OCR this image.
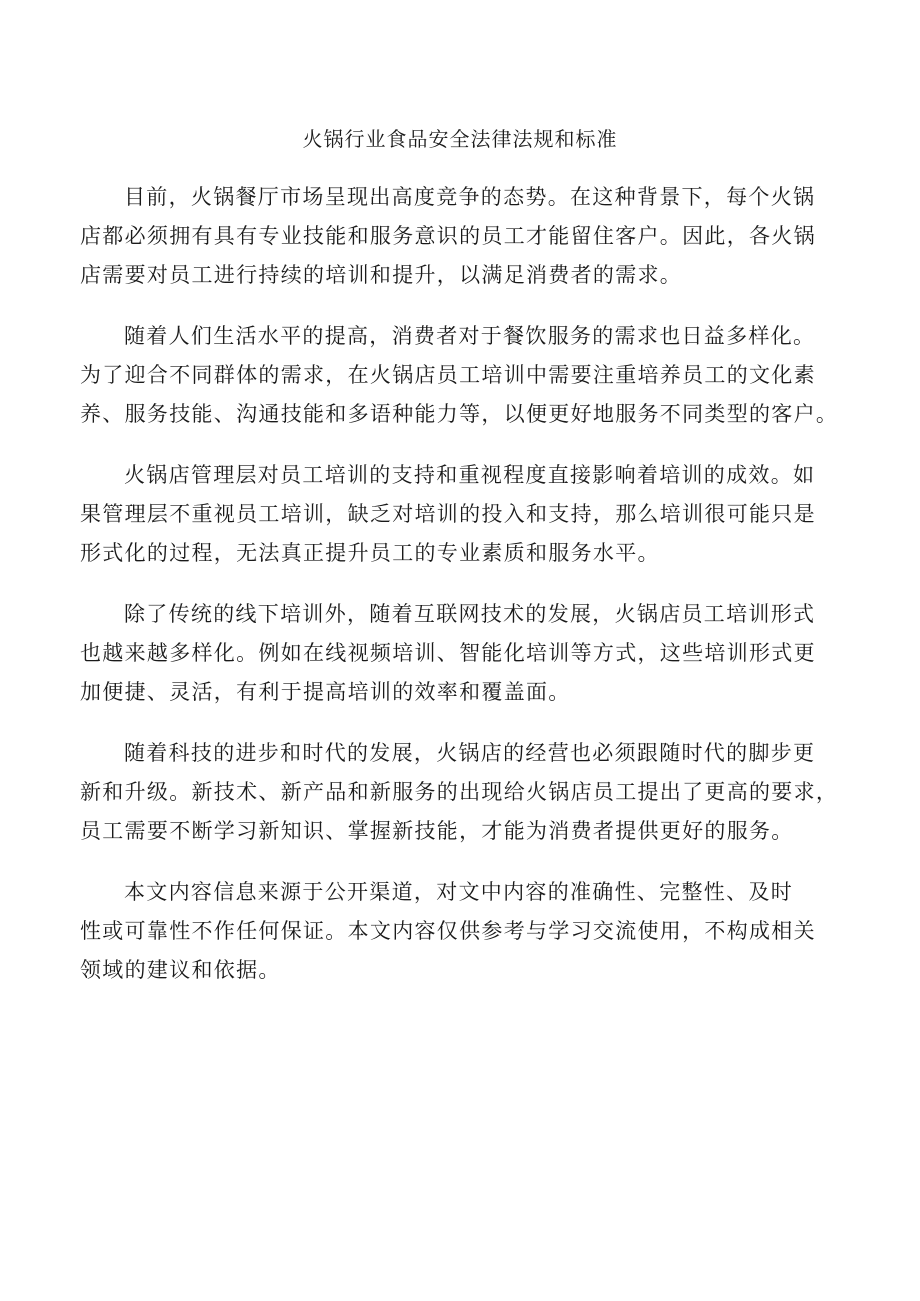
火锅行业食品安全法律法规和标准

目前，火锅餐厅市场呈现出高度竞争的态势。在这种背景下，每个火锅
店都必须拥有具有专业技能和服务意识的员工才能留住客户。因此，各火锅
店需要对员工进行持续的培训和提升，以满足消费者的需求。

随着人们生活水平的提高，消费者对于餐饮服务的需求也日益多样化。
为了迎合不同群体的需求，在火锅店员工培训中需要注重培养员工的文化素
养、服务技能、沟通技能和多语种能力等，以便更好地服务不同类型的客户。

火锅店管理层对员工培训的支持和重视程度直接影响着培训的成效。如
果管理层不重视员工培训，缺乏对培训的投入和支持，那么培训很可能只是
形式化的过程，无法真正提升员工的专业素质和服务水平。

除了传统的线下培训外，随着互联网技术的发展，火锅店员工培训形式
也越来越多样化。例如在线视频培训、智能化培训等方式，这些培训形式更
加便捷、灵活，有利于提高培训的效率和覆盖面。

随着科技的进步和时代的发展，火锅店的经营也必须跟随时代的脚步更
新和升级。新技术、新产品和新服务的出现给火锅店员工提出了更高的要求，
员工需要不断学习新知识、掌握新技能，才能为消费者提供更好的服务。

本文内容信息来源于公开渠道，对文中内容的准确性、完整性、及时
性或可靠性不作任何保证。本文内容仅供参考与学习交流使用，不构成相关
领域的建议和依据。
